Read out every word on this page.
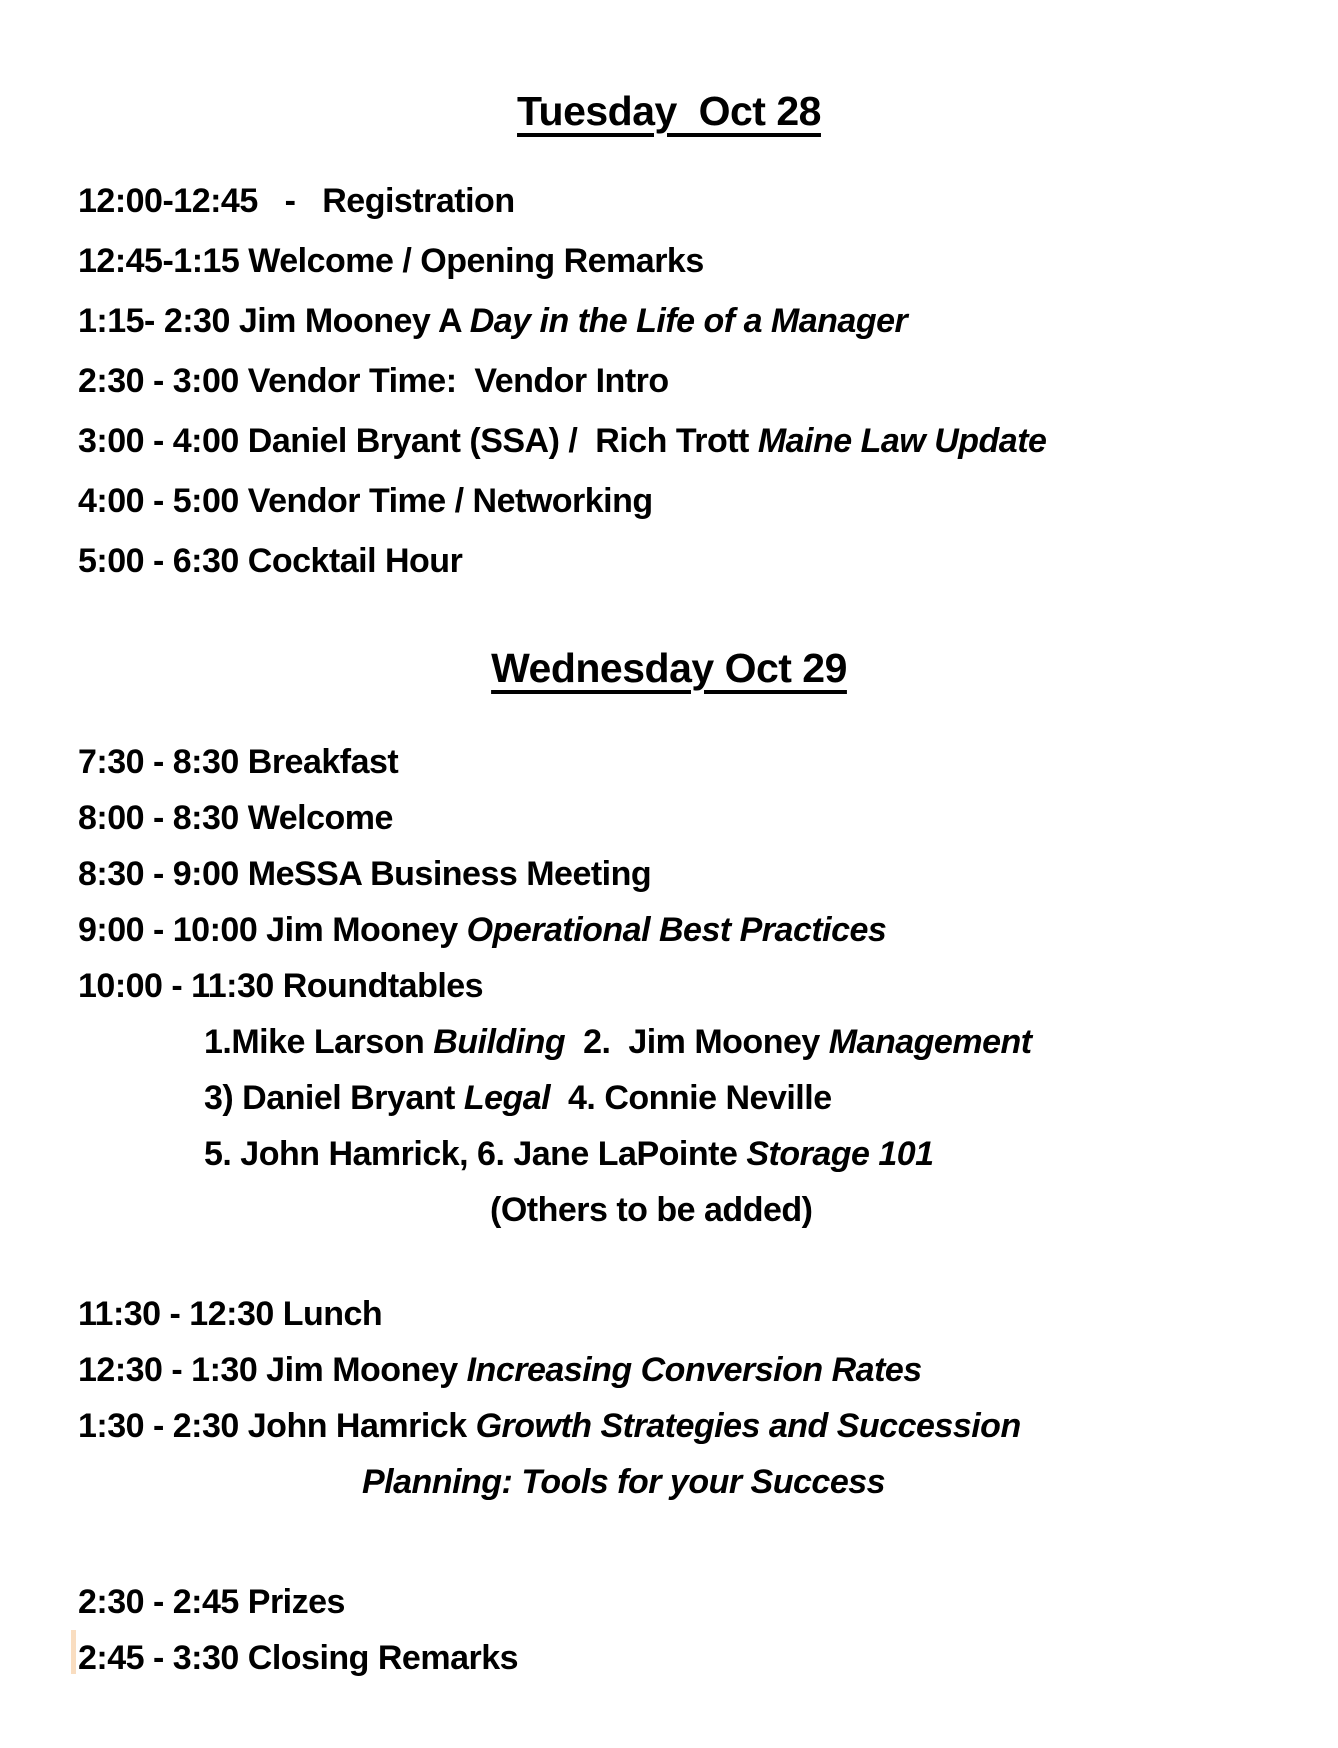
Tuesday  Oct 28
12:00-12:45   -   Registration
12:45-1:15 Welcome / Opening Remarks
1:15- 2:30 Jim Mooney A Day in the Life of a Manager
2:30 - 3:00 Vendor Time:  Vendor Intro
3:00 - 4:00 Daniel Bryant (SSA) /  Rich Trott Maine Law Update
4:00 - 5:00 Vendor Time / Networking
5:00 - 6:30 Cocktail Hour
Wednesday Oct 29
7:30 - 8:30 Breakfast
8:00 - 8:30 Welcome
8:30 - 9:00 MeSSA Business Meeting
9:00 - 10:00 Jim Mooney Operational Best Practices
10:00 - 11:30 Roundtables
1.Mike Larson Building  2.  Jim Mooney Management
3) Daniel Bryant Legal  4. Connie Neville
5. John Hamrick, 6. Jane LaPointe Storage 101
(Others to be added)
11:30 - 12:30 Lunch
12:30 - 1:30 Jim Mooney Increasing Conversion Rates
1:30 - 2:30 John Hamrick Growth Strategies and Succession
Planning: Tools for your Success
2:30 - 2:45 Prizes
2:45 - 3:30 Closing Remarks
